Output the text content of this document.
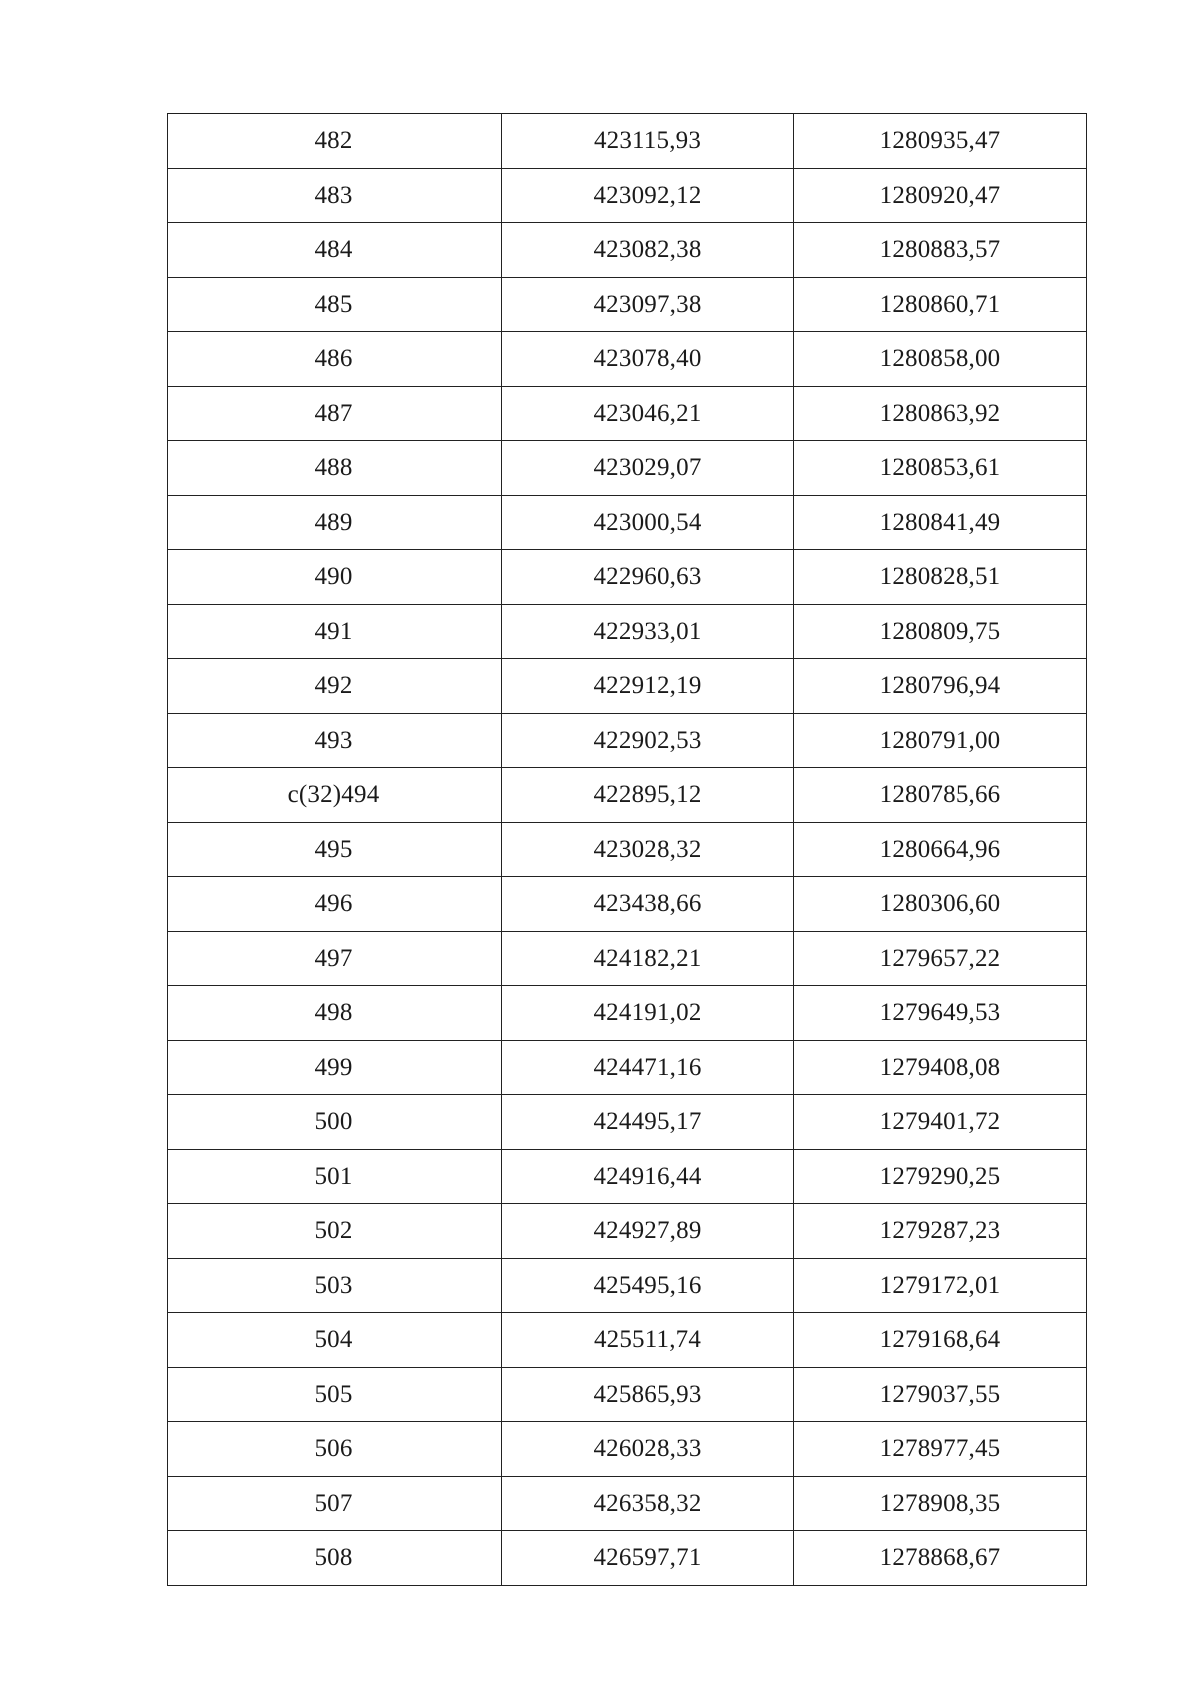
482	423115,93	1280935,47
483	423092,12	1280920,47
484	423082,38	1280883,57
485	423097,38	1280860,71
486	423078,40	1280858,00
487	423046,21	1280863,92
488	423029,07	1280853,61
489	423000,54	1280841,49
490	422960,63	1280828,51
491	422933,01	1280809,75
492	422912,19	1280796,94
493	422902,53	1280791,00
c(32)494	422895,12	1280785,66
495	423028,32	1280664,96
496	423438,66	1280306,60
497	424182,21	1279657,22
498	424191,02	1279649,53
499	424471,16	1279408,08
500	424495,17	1279401,72
501	424916,44	1279290,25
502	424927,89	1279287,23
503	425495,16	1279172,01
504	425511,74	1279168,64
505	425865,93	1279037,55
506	426028,33	1278977,45
507	426358,32	1278908,35
508	426597,71	1278868,67
